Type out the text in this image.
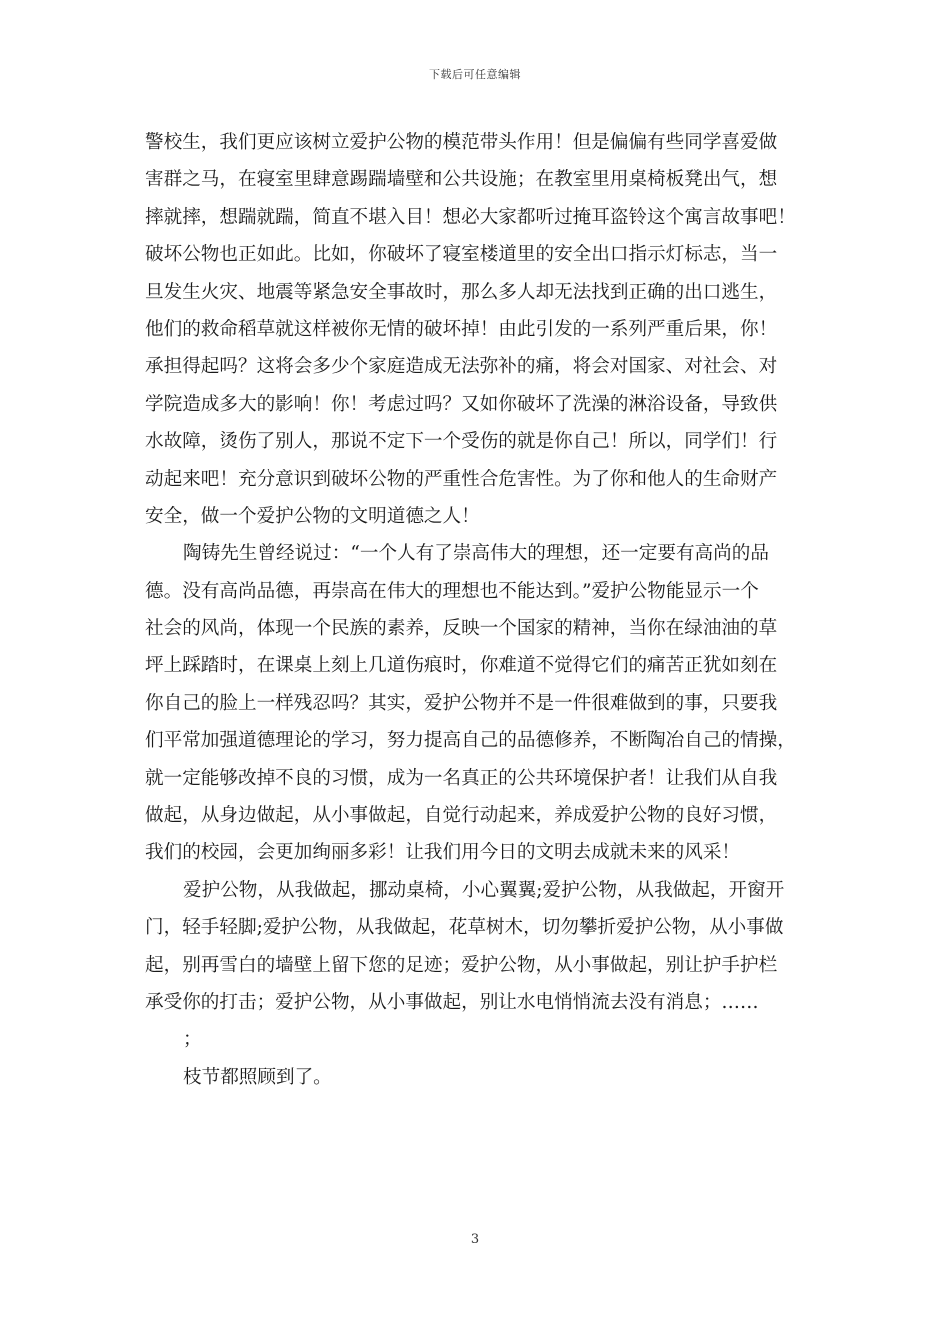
下载后可任意编辑
警校生，我们更应该树立爱护公物的模范带头作用！但是偏偏有些同学喜爱做
害群之马，在寝室里肆意踢踹墙壁和公共设施；在教室里用桌椅板凳出气，想
摔就摔，想踹就踹，简直不堪入目！想必大家都听过掩耳盗铃这个寓言故事吧！
破坏公物也正如此。比如，你破坏了寝室楼道里的安全出口指示灯标志，当一
旦发生火灾、地震等紧急安全事故时，那么多人却无法找到正确的出口逃生，
他们的救命稻草就这样被你无情的破坏掉！由此引发的一系列严重后果，你！
承担得起吗？这将会多少个家庭造成无法弥补的痛，将会对国家、对社会、对
学院造成多大的影响！你！考虑过吗？又如你破坏了洗澡的淋浴设备，导致供
水故障，烫伤了别人，那说不定下一个受伤的就是你自己！所以，同学们！行
动起来吧！充分意识到破坏公物的严重性合危害性。为了你和他人的生命财产
安全，做一个爱护公物的文明道德之人！
陶铸先生曾经说过：“一个人有了崇高伟大的理想，还一定要有高尚的品
德。没有高尚品德，再崇高在伟大的理想也不能达到。”爱护公物能显示一个
社会的风尚，体现一个民族的素养，反映一个国家的精神，当你在绿油油的草
坪上踩踏时，在课桌上刻上几道伤痕时，你难道不觉得它们的痛苦正犹如刻在
你自己的脸上一样残忍吗？其实，爱护公物并不是一件很难做到的事，只要我
们平常加强道德理论的学习，努力提高自己的品德修养，不断陶冶自己的情操，
就一定能够改掉不良的习惯，成为一名真正的公共环境保护者！让我们从自我
做起，从身边做起，从小事做起，自觉行动起来，养成爱护公物的良好习惯，
我们的校园，会更加绚丽多彩！让我们用今日的文明去成就未来的风采！
爱护公物，从我做起，挪动桌椅，小心翼翼;爱护公物，从我做起，开窗开
门，轻手轻脚;爱护公物，从我做起，花草树木，切勿攀折爱护公物，从小事做
起，别再雪白的墙壁上留下您的足迹；爱护公物，从小事做起，别让护手护栏
承受你的打击；爱护公物，从小事做起，别让水电悄悄流去没有消息；……
；
枝节都照顾到了。
3
